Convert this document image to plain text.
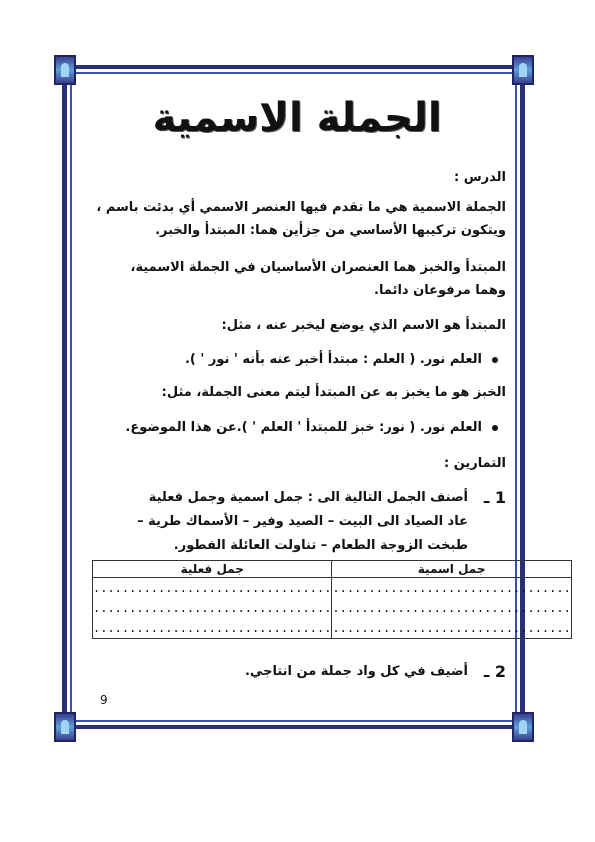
الجملة الاسمية
الدرس :
الجملة الاسمية هي ما تقدم فيها العنصر الاسمي أي بدئت باسم ،
ويتكون تركيبها الأساسي من جزأين هما: المبتدأ والخبر.
المبتدأ والخبز هما العنصران الأساسيان في الجملة الاسمية،
وهما مرفوعان دائما.
المبتدأ هو الاسم الذي يوضع ليخبر عنه ، مثل:
العلم نور. ( العلم : مبتدأ أخبر عنه بأنه ' نور ' ).
الخبز هو ما يخبز به عن المبتدأ ليتم معنى الجملة، مثل:
العلم نور. ( نور: خبز للمبتدأ ' العلم ' ).عن هذا الموضوع.
التمارين :
1 ـ
أصنف الجمل التالية الى : جمل اسمية وجمل فعلية
عاد الصياد الى البيت – الصيد وفير – الأسماك طرية –
طبخت الزوجة الطعام – تناولت العائلة الفطور.
جمل اسمية	جمل فعلية
.................................	.................................
.................................	.................................
.................................	.................................
2 ـ
أضيف في كل واد جملة من انتاجي.
9
